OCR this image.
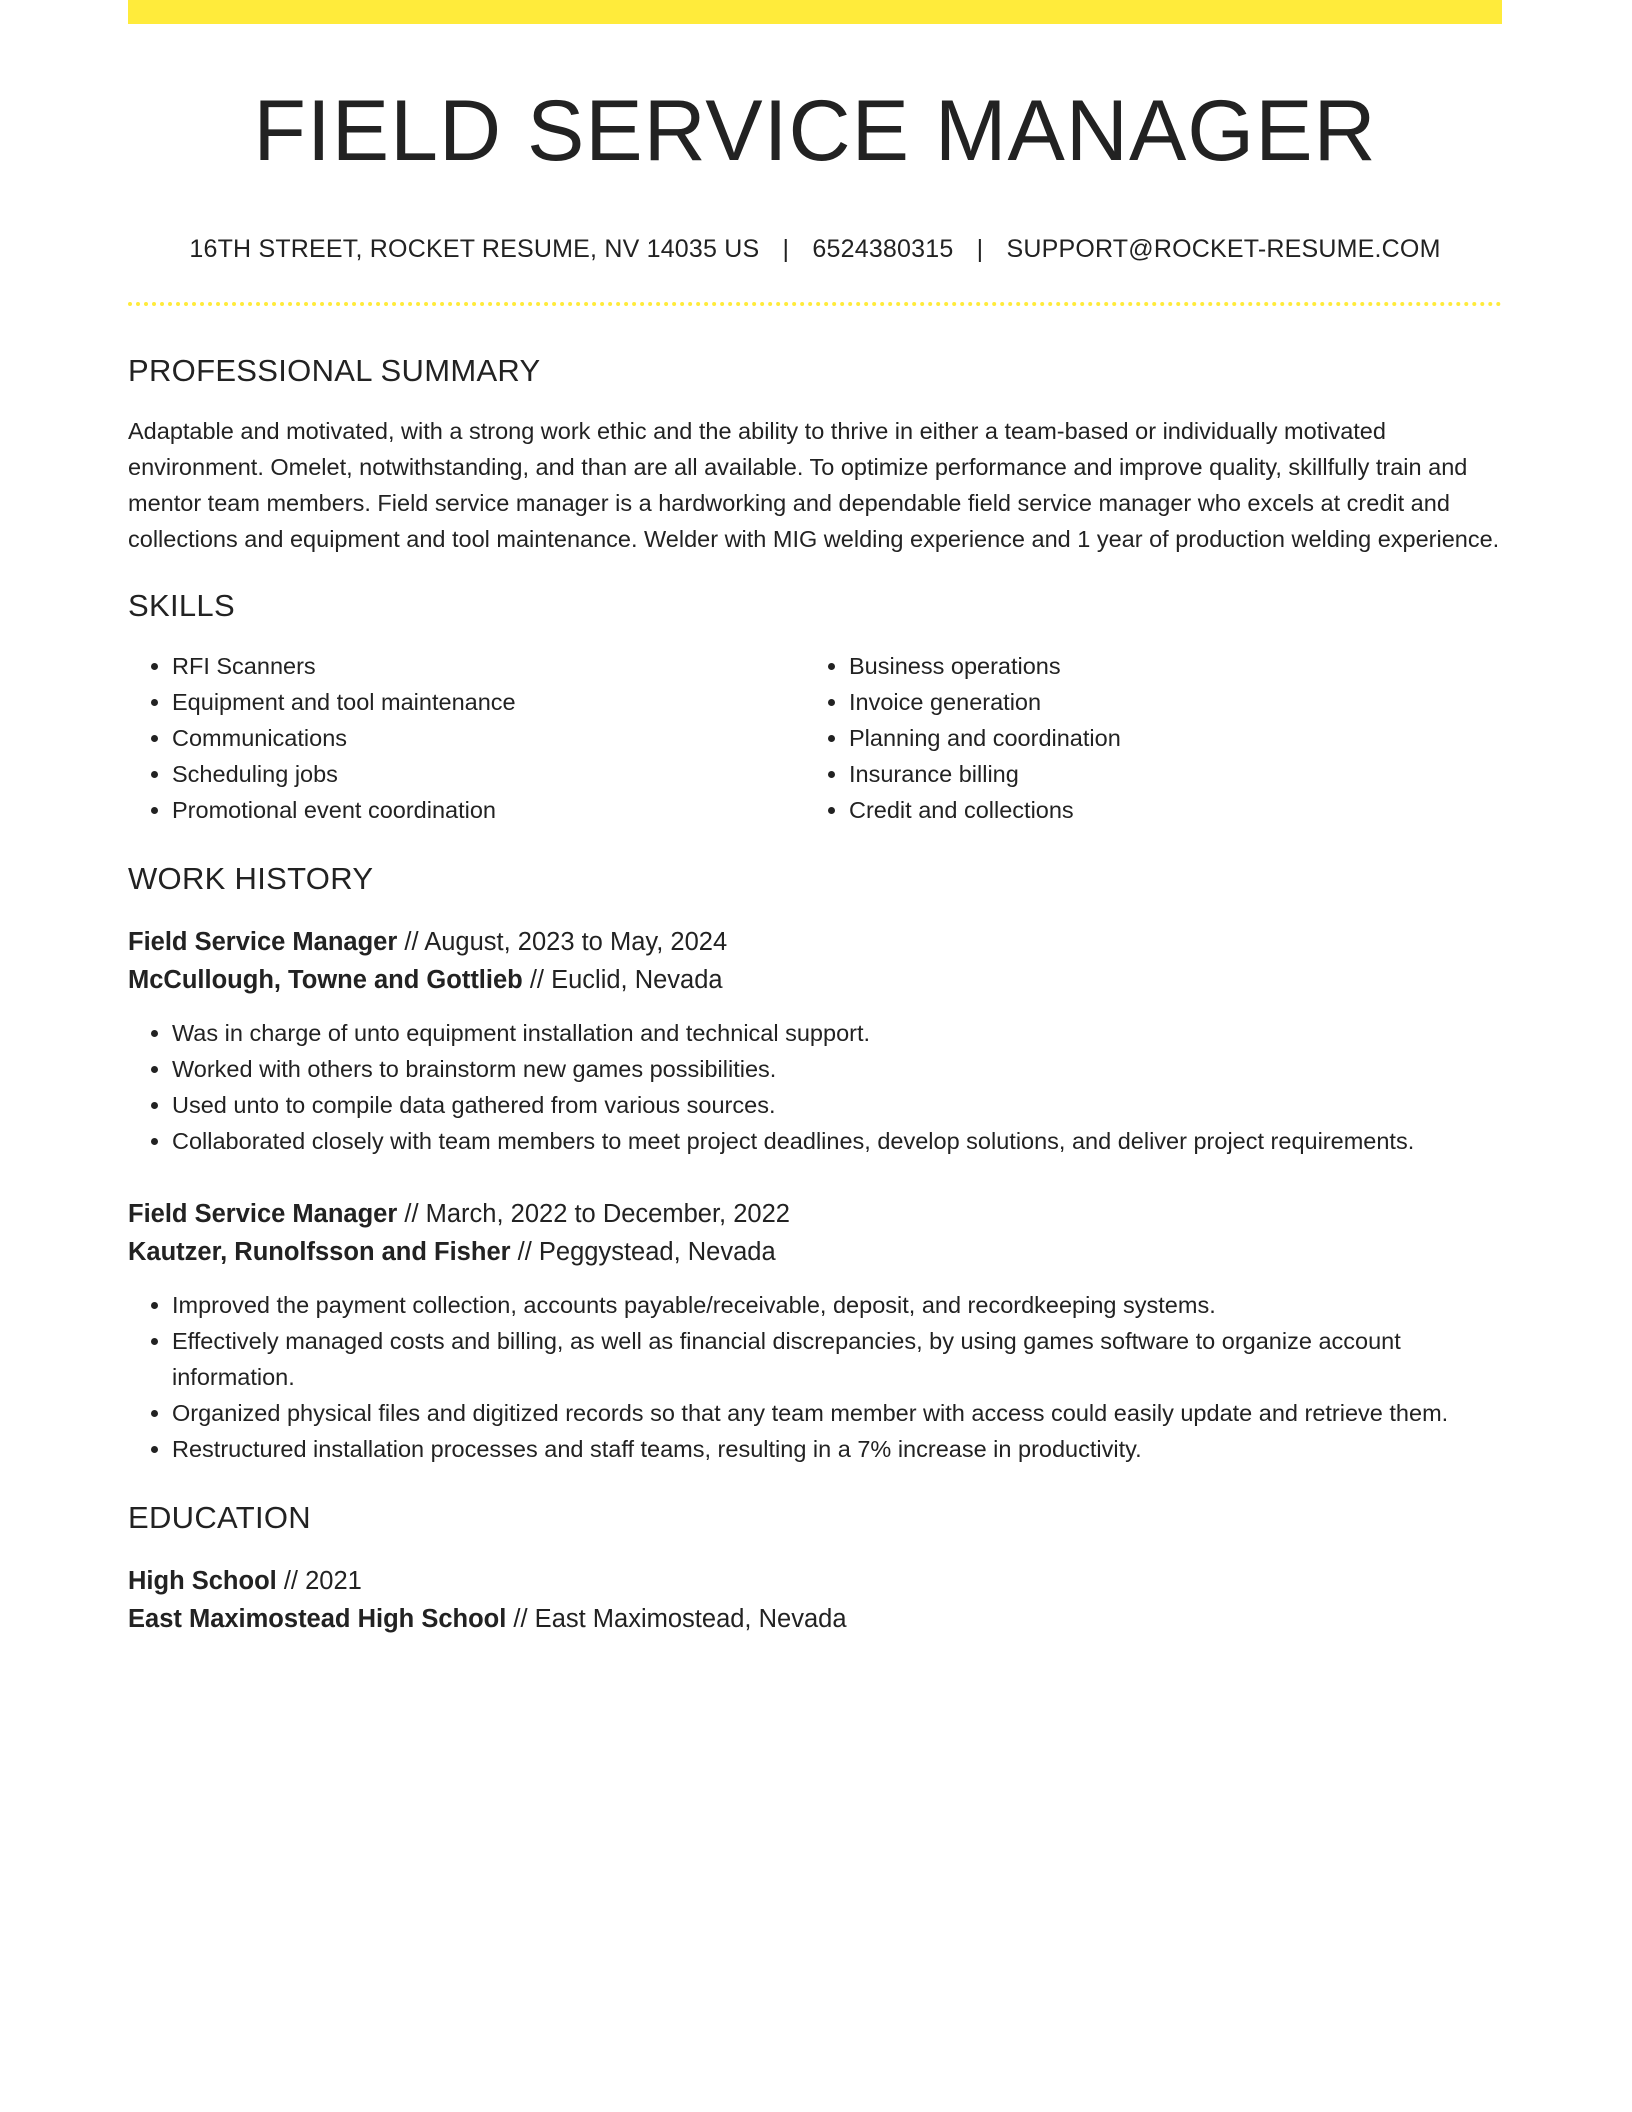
FIELD SERVICE MANAGER
16TH STREET, ROCKET RESUME, NV 14035 US | 6524380315 | SUPPORT@ROCKET-RESUME.COM
PROFESSIONAL SUMMARY

Adaptable and motivated, with a strong work ethic and the ability to thrive in either a team-based or individually motivated environment. Omelet, notwithstanding, and than are all available. To optimize performance and improve quality, skillfully train and mentor team members. Field service manager is a hardworking and dependable field service manager who excels at credit and collections and equipment and tool maintenance. Welder with MIG welding experience and 1 year of production welding experience.

SKILLS
• RFI Scanners
• Equipment and tool maintenance
• Communications
• Scheduling jobs
• Promotional event coordination
• Business operations
• Invoice generation
• Planning and coordination
• Insurance billing
• Credit and collections
WORK HISTORY
Field Service Manager // August, 2023 to May, 2024
McCullough, Towne and Gottlieb // Euclid, Nevada
• Was in charge of unto equipment installation and technical support.
• Worked with others to brainstorm new games possibilities.
• Used unto to compile data gathered from various sources.
• Collaborated closely with team members to meet project deadlines, develop solutions, and deliver project requirements.
Field Service Manager // March, 2022 to December, 2022
Kautzer, Runolfsson and Fisher // Peggystead, Nevada
• Improved the payment collection, accounts payable/receivable, deposit, and recordkeeping systems.
• Effectively managed costs and billing, as well as financial discrepancies, by using games software to organize account information.
• Organized physical files and digitized records so that any team member with access could easily update and retrieve them.
• Restructured installation processes and staff teams, resulting in a 7% increase in productivity.
EDUCATION
High School // 2021
East Maximostead High School // East Maximostead, Nevada
